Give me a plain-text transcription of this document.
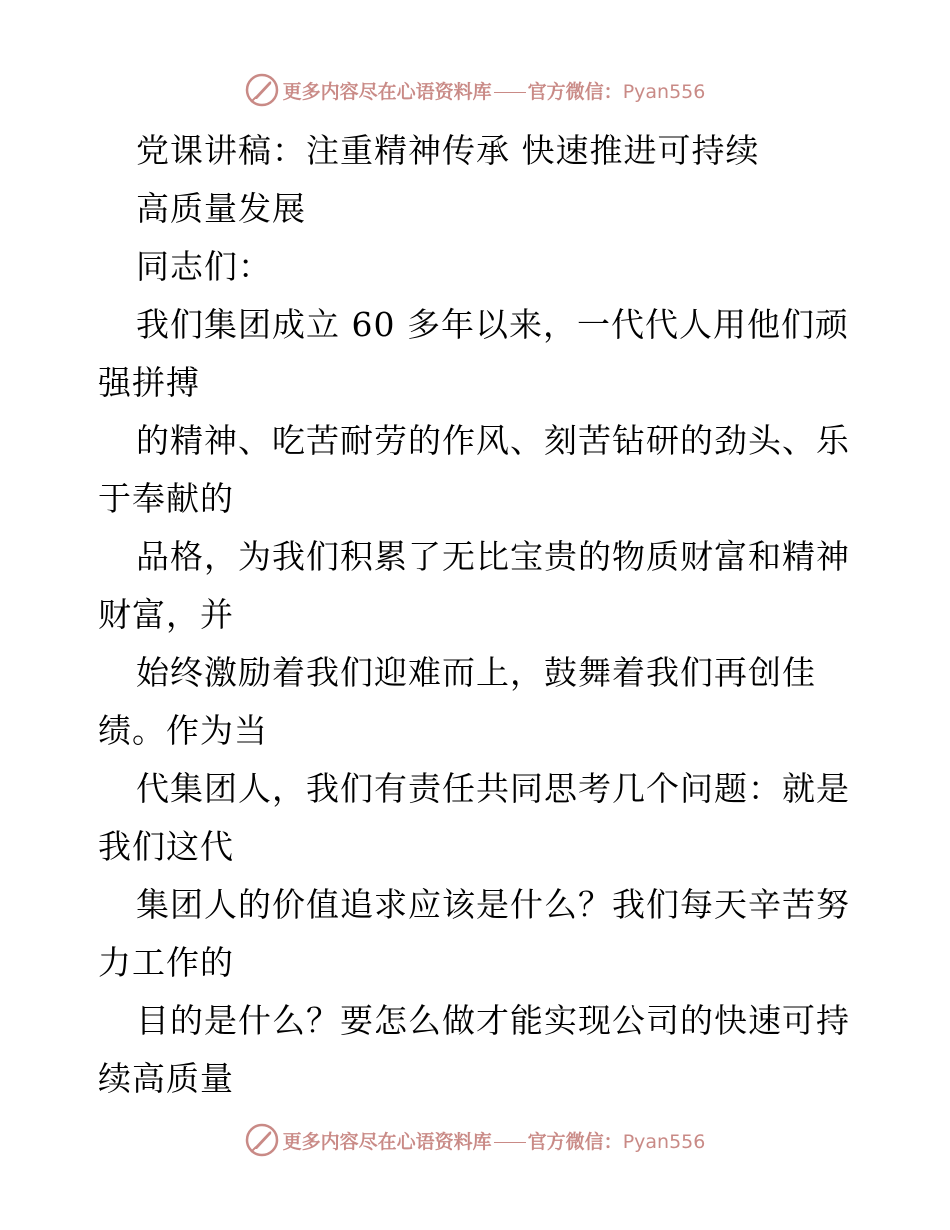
更多内容尽在心语资料库 官方微信：Pyan556
党课讲稿：注重精神传承 快速推进可持续
高质量发展
同志们：
我们集团成立 60 多年以来，一代代人用他们顽
强拼搏
的精神、吃苦耐劳的作风、刻苦钻研的劲头、乐
于奉献的
品格，为我们积累了无比宝贵的物质财富和精神
财富，并
始终激励着我们迎难而上，鼓舞着我们再创佳
绩。作为当
代集团人，我们有责任共同思考几个问题：就是
我们这代
集团人的价值追求应该是什么？我们每天辛苦努
力工作的
目的是什么？要怎么做才能实现公司的快速可持
续高质量
更多内容尽在心语资料库 官方微信：Pyan556
